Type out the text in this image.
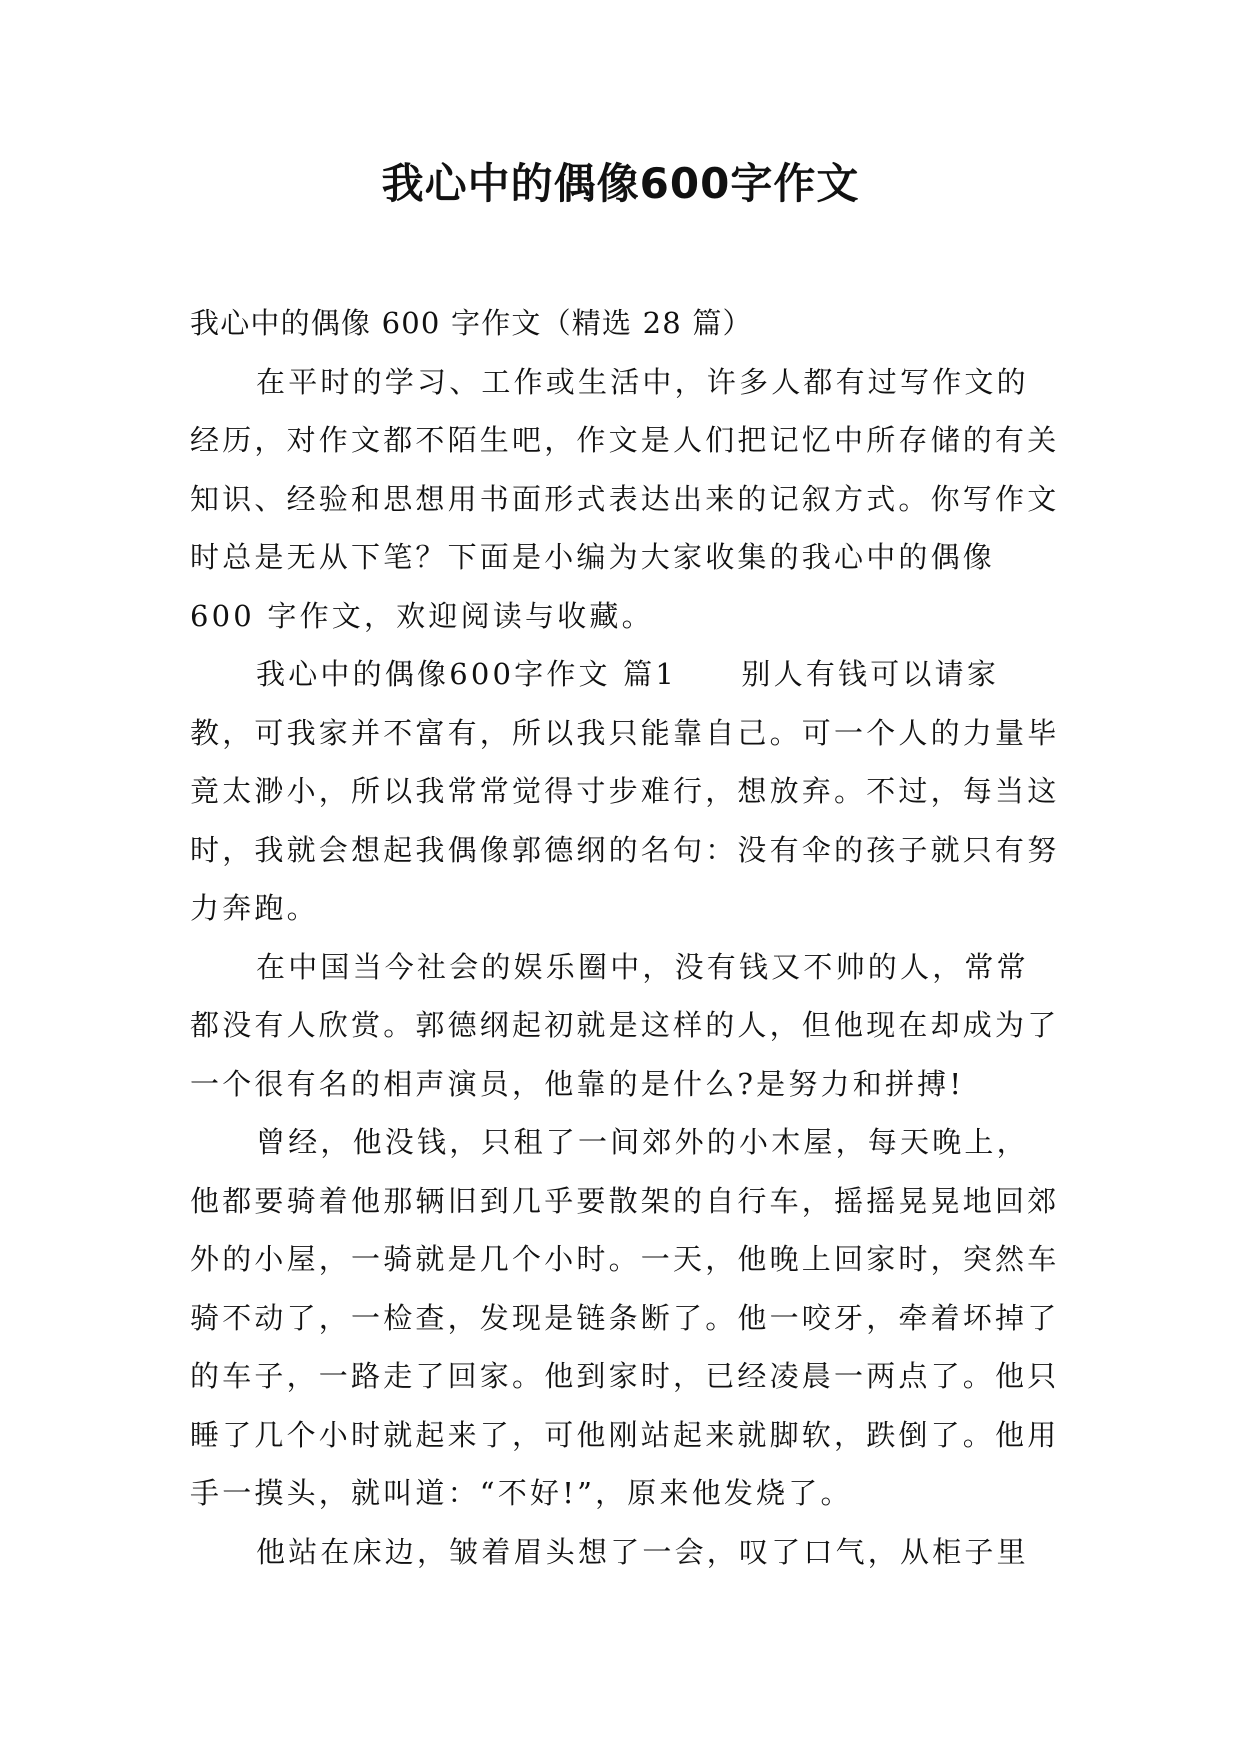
我心中的偶像600字作文

我心中的偶像 600 字作文（精选 28 篇）

在平时的学习、工作或生活中，许多人都有过写作文的经历，对作文都不陌生吧，作文是人们把记忆中所存储的有关知识、经验和思想用书面形式表达出来的记叙方式。你写作文时总是无从下笔？下面是小编为大家收集的我心中的偶像 600 字作文，欢迎阅读与收藏。

我心中的偶像600字作文 篇1　　别人有钱可以请家教，可我家并不富有，所以我只能靠自己。可一个人的力量毕竟太渺小，所以我常常觉得寸步难行，想放弃。不过，每当这时，我就会想起我偶像郭德纲的名句：没有伞的孩子就只有努力奔跑。

在中国当今社会的娱乐圈中，没有钱又不帅的人，常常都没有人欣赏。郭德纲起初就是这样的人，但他现在却成为了一个很有名的相声演员，他靠的是什么?是努力和拼搏!

曾经，他没钱，只租了一间郊外的小木屋，每天晚上，他都要骑着他那辆旧到几乎要散架的自行车，摇摇晃晃地回郊外的小屋，一骑就是几个小时。一天，他晚上回家时，突然车骑不动了，一检查，发现是链条断了。他一咬牙，牵着坏掉了的车子，一路走了回家。他到家时，已经凌晨一两点了。他只睡了几个小时就起来了，可他刚站起来就脚软，跌倒了。他用手一摸头，就叫道：“不好!”，原来他发烧了。

他站在床边，皱着眉头想了一会，叹了口气，从柜子里
